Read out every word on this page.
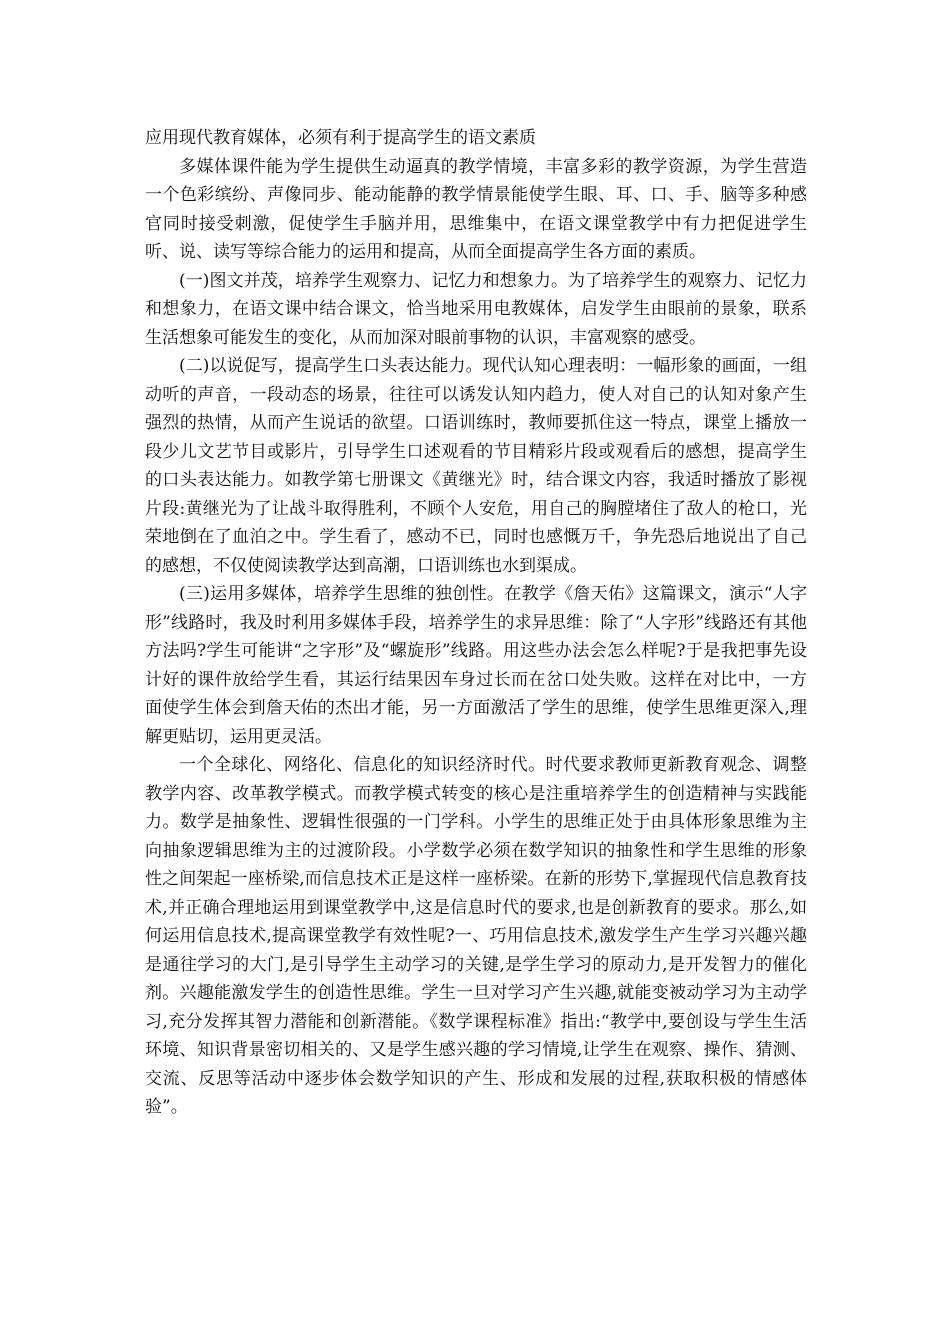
应用现代教育媒体，必须有利于提高学生的语文素质

多媒体课件能为学生提供生动逼真的教学情境，丰富多彩的教学资源，为学生营造一个色彩缤纷、声像同步、能动能静的教学情景能使学生眼、耳、口、手、脑等多种感官同时接受刺激，促使学生手脑并用，思维集中，在语文课堂教学中有力把促进学生听、说、读写等综合能力的运用和提高，从而全面提高学生各方面的素质。

(一)图文并茂，培养学生观察力、记忆力和想象力。为了培养学生的观察力、记忆力和想象力，在语文课中结合课文，恰当地采用电教媒体，启发学生由眼前的景象，联系生活想象可能发生的变化，从而加深对眼前事物的认识，丰富观察的感受。

(二)以说促写，提高学生口头表达能力。现代认知心理表明：一幅形象的画面，一组动听的声音，一段动态的场景，往往可以诱发认知内趋力，使人对自己的认知对象产生强烈的热情，从而产生说话的欲望。口语训练时，教师要抓住这一特点，课堂上播放一段少儿文艺节目或影片，引导学生口述观看的节目精彩片段或观看后的感想，提高学生的口头表达能力。如教学第七册课文《黄继光》时，结合课文内容，我适时播放了影视片段:黄继光为了让战斗取得胜利，不顾个人安危，用自己的胸膛堵住了敌人的枪口，光荣地倒在了血泊之中。学生看了，感动不已，同时也感慨万千，争先恐后地说出了自己的感想，不仅使阅读教学达到高潮，口语训练也水到渠成。

(三)运用多媒体，培养学生思维的独创性。在教学《詹天佑》这篇课文，演示“人字形”线路时，我及时利用多媒体手段，培养学生的求异思维：除了“人字形”线路还有其他方法吗?学生可能讲“之字形”及“螺旋形”线路。用这些办法会怎么样呢?于是我把事先设计好的课件放给学生看，其运行结果因车身过长而在岔口处失败。这样在对比中，一方面使学生体会到詹天佑的杰出才能，另一方面激活了学生的思维，使学生思维更深入,理解更贴切，运用更灵活。

一个全球化、网络化、信息化的知识经济时代。时代要求教师更新教育观念、调整教学内容、改革教学模式。而教学模式转变的核心是注重培养学生的创造精神与实践能力。数学是抽象性、逻辑性很强的一门学科。小学生的思维正处于由具体形象思维为主向抽象逻辑思维为主的过渡阶段。小学数学必须在数学知识的抽象性和学生思维的形象性之间架起一座桥梁,而信息技术正是这样一座桥梁。在新的形势下,掌握现代信息教育技术,并正确合理地运用到课堂教学中,这是信息时代的要求,也是创新教育的要求。那么,如何运用信息技术,提高课堂教学有效性呢?一、巧用信息技术,激发学生产生学习兴趣兴趣是通往学习的大门,是引导学生主动学习的关键,是学生学习的原动力,是开发智力的催化剂。兴趣能激发学生的创造性思维。学生一旦对学习产生兴趣,就能变被动学习为主动学习,充分发挥其智力潜能和创新潜能。《数学课程标准》指出:“教学中,要创设与学生生活环境、知识背景密切相关的、又是学生感兴趣的学习情境,让学生在观察、操作、猜测、交流、反思等活动中逐步体会数学知识的产生、形成和发展的过程,获取积极的情感体验”。
